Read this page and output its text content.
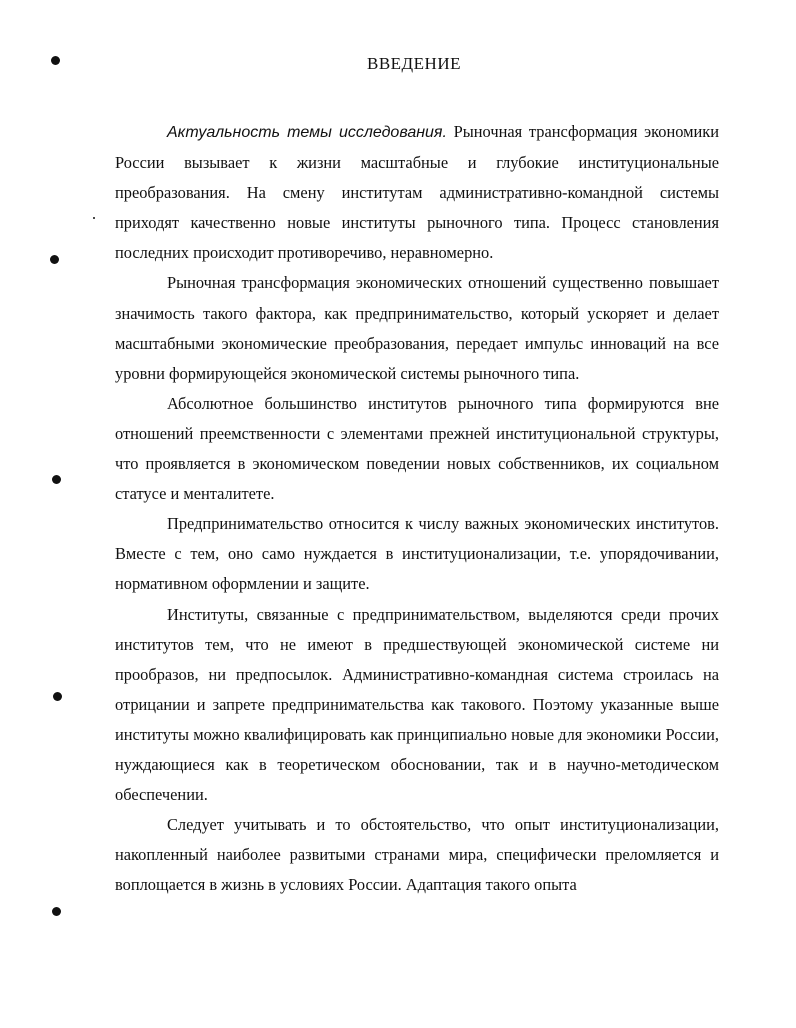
ВВЕДЕНИЕ

Актуальность темы исследования. Рыночная трансформация экономики России вызывает к жизни масштабные и глубокие институциональные преобразования. На смену институтам административно-командной системы приходят качественно новые институты рыночного типа. Процесс становления последних происходит противоречиво, неравномерно.

Рыночная трансформация экономических отношений существенно повышает значимость такого фактора, как предпринимательство, который ускоряет и делает масштабными экономические преобразования, передает импульс инноваций на все уровни формирующейся экономической системы рыночного типа.

Абсолютное большинство институтов рыночного типа формируются вне отношений преемственности с элементами прежней институциональной структуры, что проявляется в экономическом поведении новых собственников, их социальном статусе и менталитете.

Предпринимательство относится к числу важных экономических институтов. Вместе с тем, оно само нуждается в институционализации, т.е. упорядочивании, нормативном оформлении и защите.

Институты, связанные с предпринимательством, выделяются среди прочих институтов тем, что не имеют в предшествующей экономической системе ни прообразов, ни предпосылок. Административно-командная система строилась на отрицании и запрете предпринимательства как такового. Поэтому указанные выше институты можно квалифицировать как принципиально новые для экономики России, нуждающиеся как в теоретическом обосновании, так и в научно-методическом обеспечении.

Следует учитывать и то обстоятельство, что опыт институционализации, накопленный наиболее развитыми странами мира, специфически преломляется и воплощается в жизнь в условиях России. Адаптация такого опыта
